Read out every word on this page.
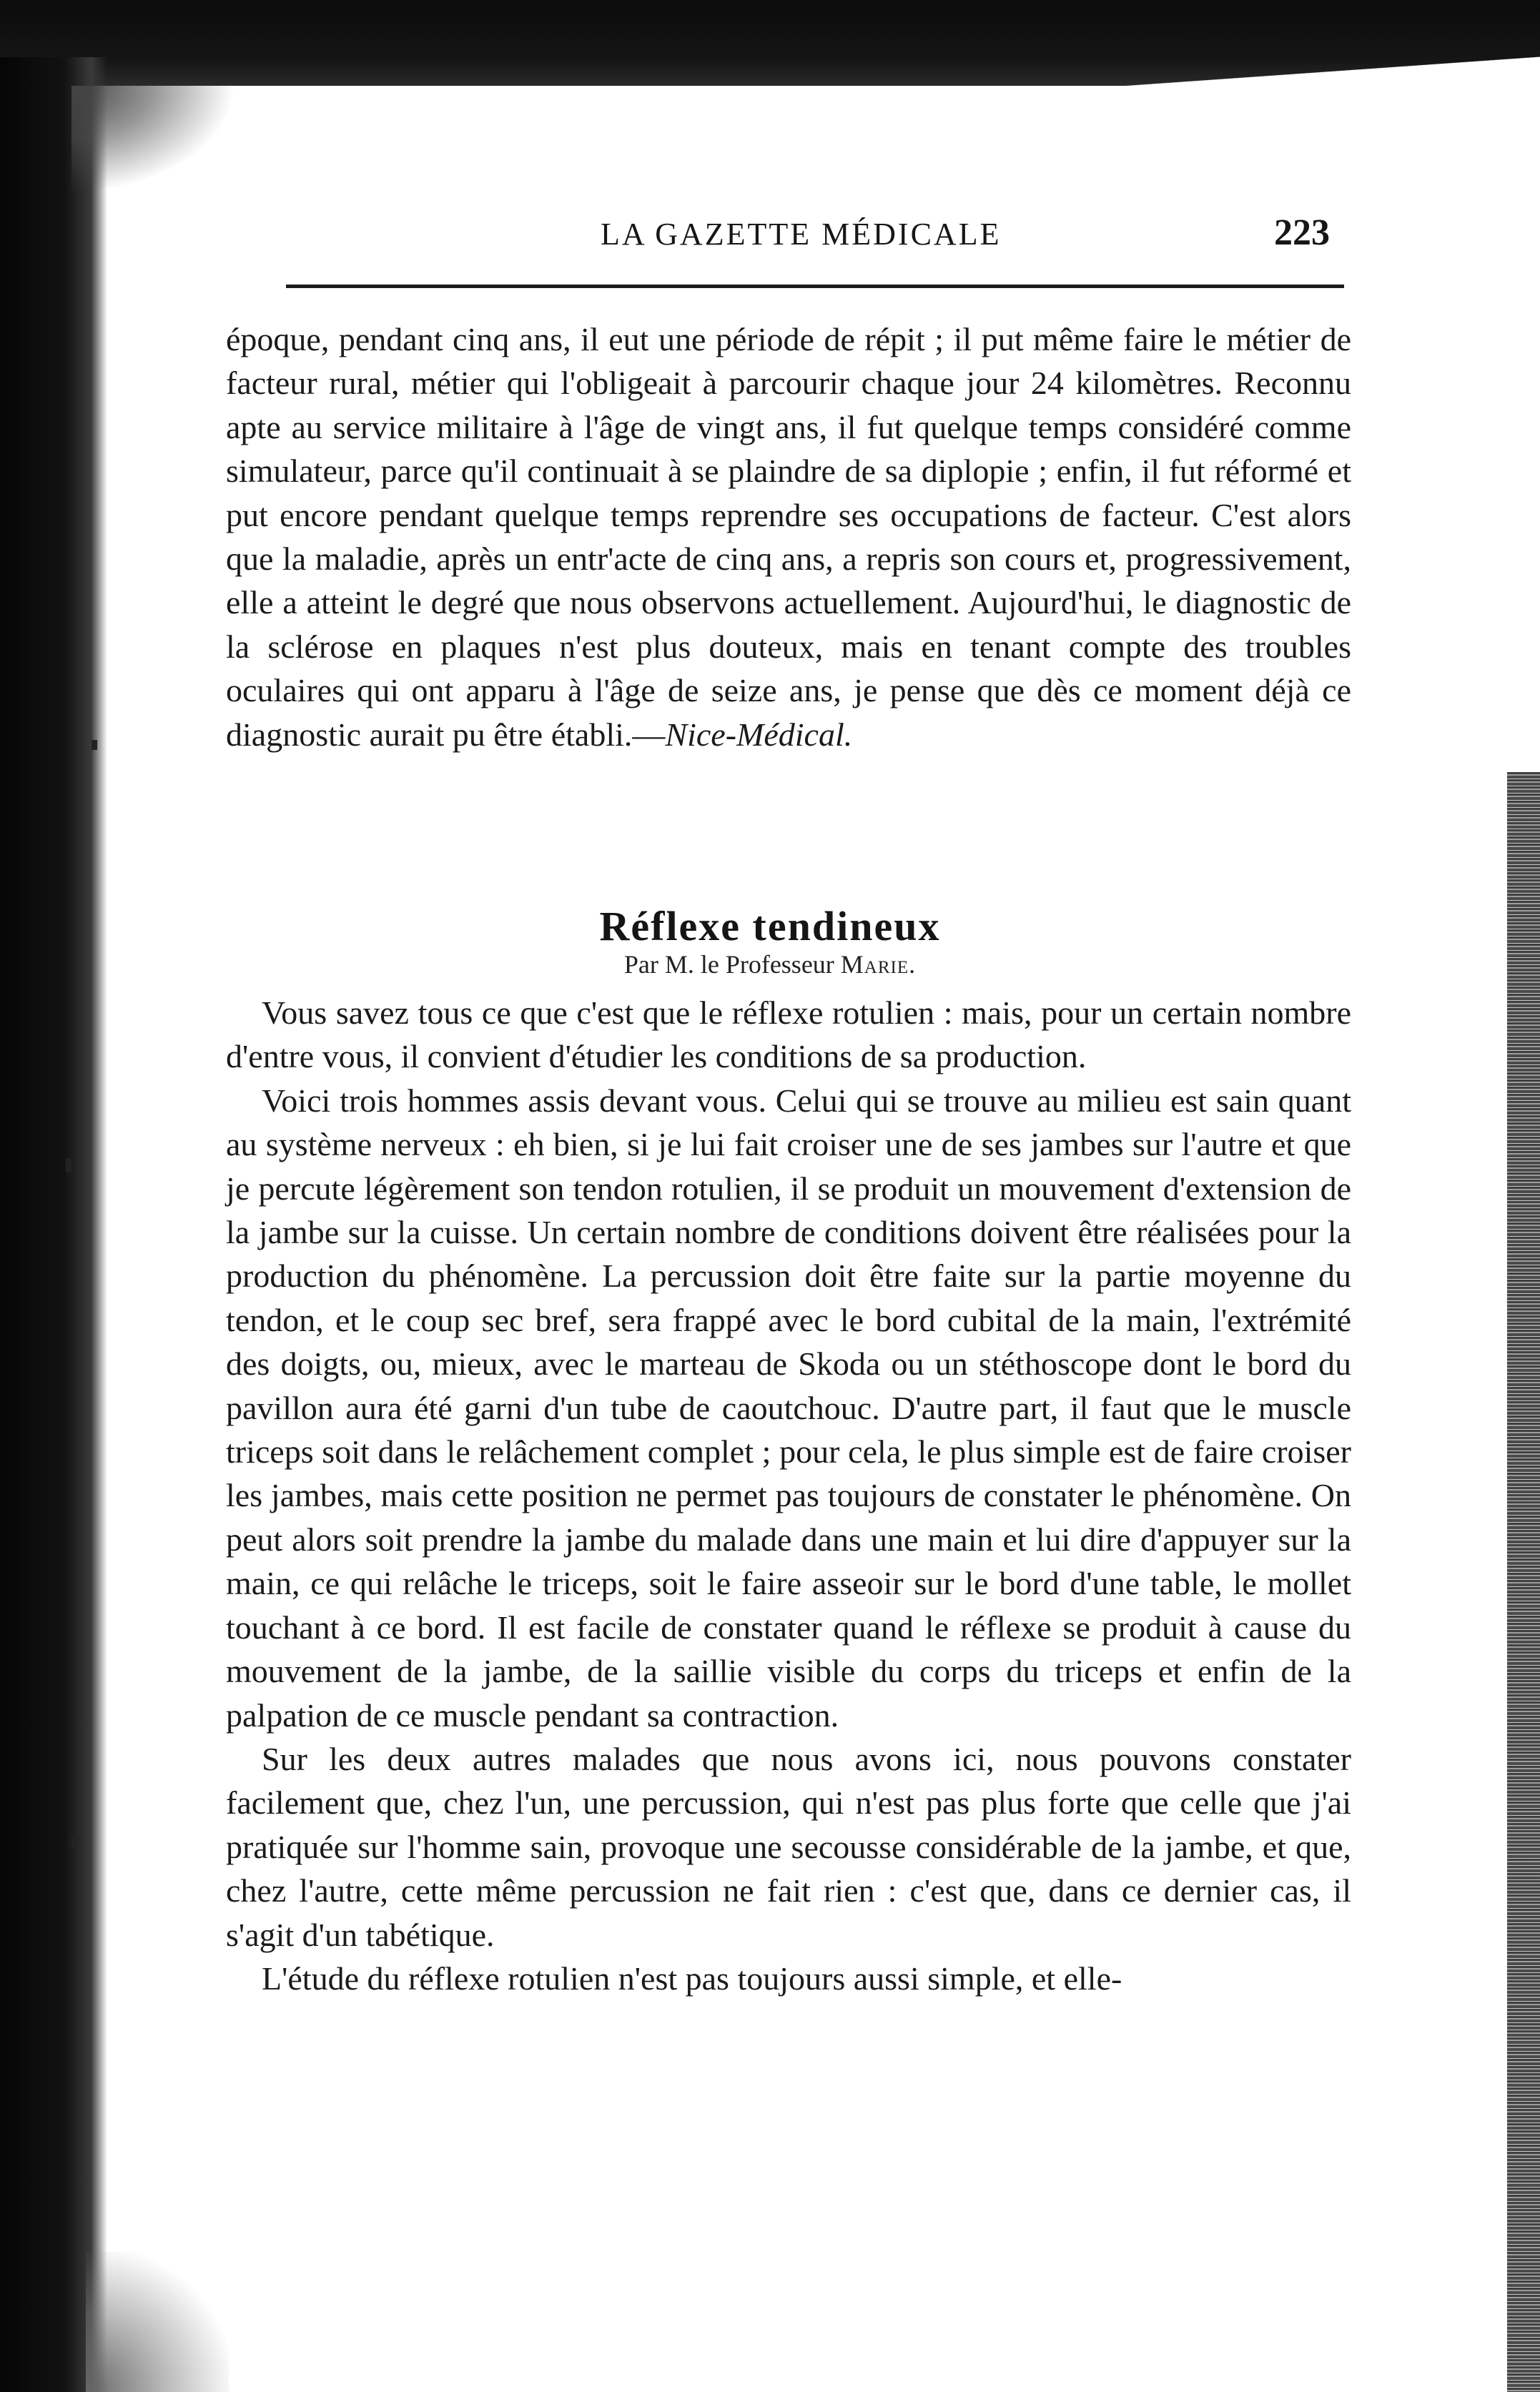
LA GAZETTE MÉDICALE	223

époque, pendant cinq ans, il eut une période de répit ; il put même faire le métier de facteur rural, métier qui l'obligeait à parcourir chaque jour 24 kilomètres. Reconnu apte au service militaire à l'âge de vingt ans, il fut quelque temps considéré comme simulateur, parce qu'il continuait à se plaindre de sa diplopie ; enfin, il fut réformé et put encore pendant quelque temps reprendre ses occupations de facteur. C'est alors que la maladie, après un entr'acte de cinq ans, a repris son cours et, progressivement, elle a atteint le degré que nous observons actuellement. Aujourd'hui, le diagnostic de la sclérose en plaques n'est plus douteux, mais en tenant compte des troubles oculaires qui ont apparu à l'âge de seize ans, je pense que dès ce moment déjà ce diagnostic aurait pu être établi.—Nice-Médical.

Réflexe tendineux
Par M. le Professeur Marie.

Vous savez tous ce que c'est que le réflexe rotulien : mais, pour un certain nombre d'entre vous, il convient d'étudier les conditions de sa production.

Voici trois hommes assis devant vous. Celui qui se trouve au milieu est sain quant au système nerveux : eh bien, si je lui fait croiser une de ses jambes sur l'autre et que je percute légèrement son tendon rotulien, il se produit un mouvement d'extension de la jambe sur la cuisse. Un certain nombre de conditions doivent être réalisées pour la production du phénomène. La percussion doit être faite sur la partie moyenne du tendon, et le coup sec bref, sera frappé avec le bord cubital de la main, l'extrémité des doigts, ou, mieux, avec le marteau de Skoda ou un stéthoscope dont le bord du pavillon aura été garni d'un tube de caoutchouc. D'autre part, il faut que le muscle triceps soit dans le relâchement complet ; pour cela, le plus simple est de faire croiser les jambes, mais cette position ne permet pas toujours de constater le phénomène. On peut alors soit prendre la jambe du malade dans une main et lui dire d'appuyer sur la main, ce qui relâche le triceps, soit le faire asseoir sur le bord d'une table, le mollet touchant à ce bord. Il est facile de constater quand le réflexe se produit à cause du mouvement de la jambe, de la saillie visible du corps du triceps et enfin de la palpation de ce muscle pendant sa contraction.

Sur les deux autres malades que nous avons ici, nous pouvons constater facilement que, chez l'un, une percussion, qui n'est pas plus forte que celle que j'ai pratiquée sur l'homme sain, provoque une secousse considérable de la jambe, et que, chez l'autre, cette même percussion ne fait rien : c'est que, dans ce dernier cas, il s'agit d'un tabétique.

L'étude du réflexe rotulien n'est pas toujours aussi simple, et elle-
